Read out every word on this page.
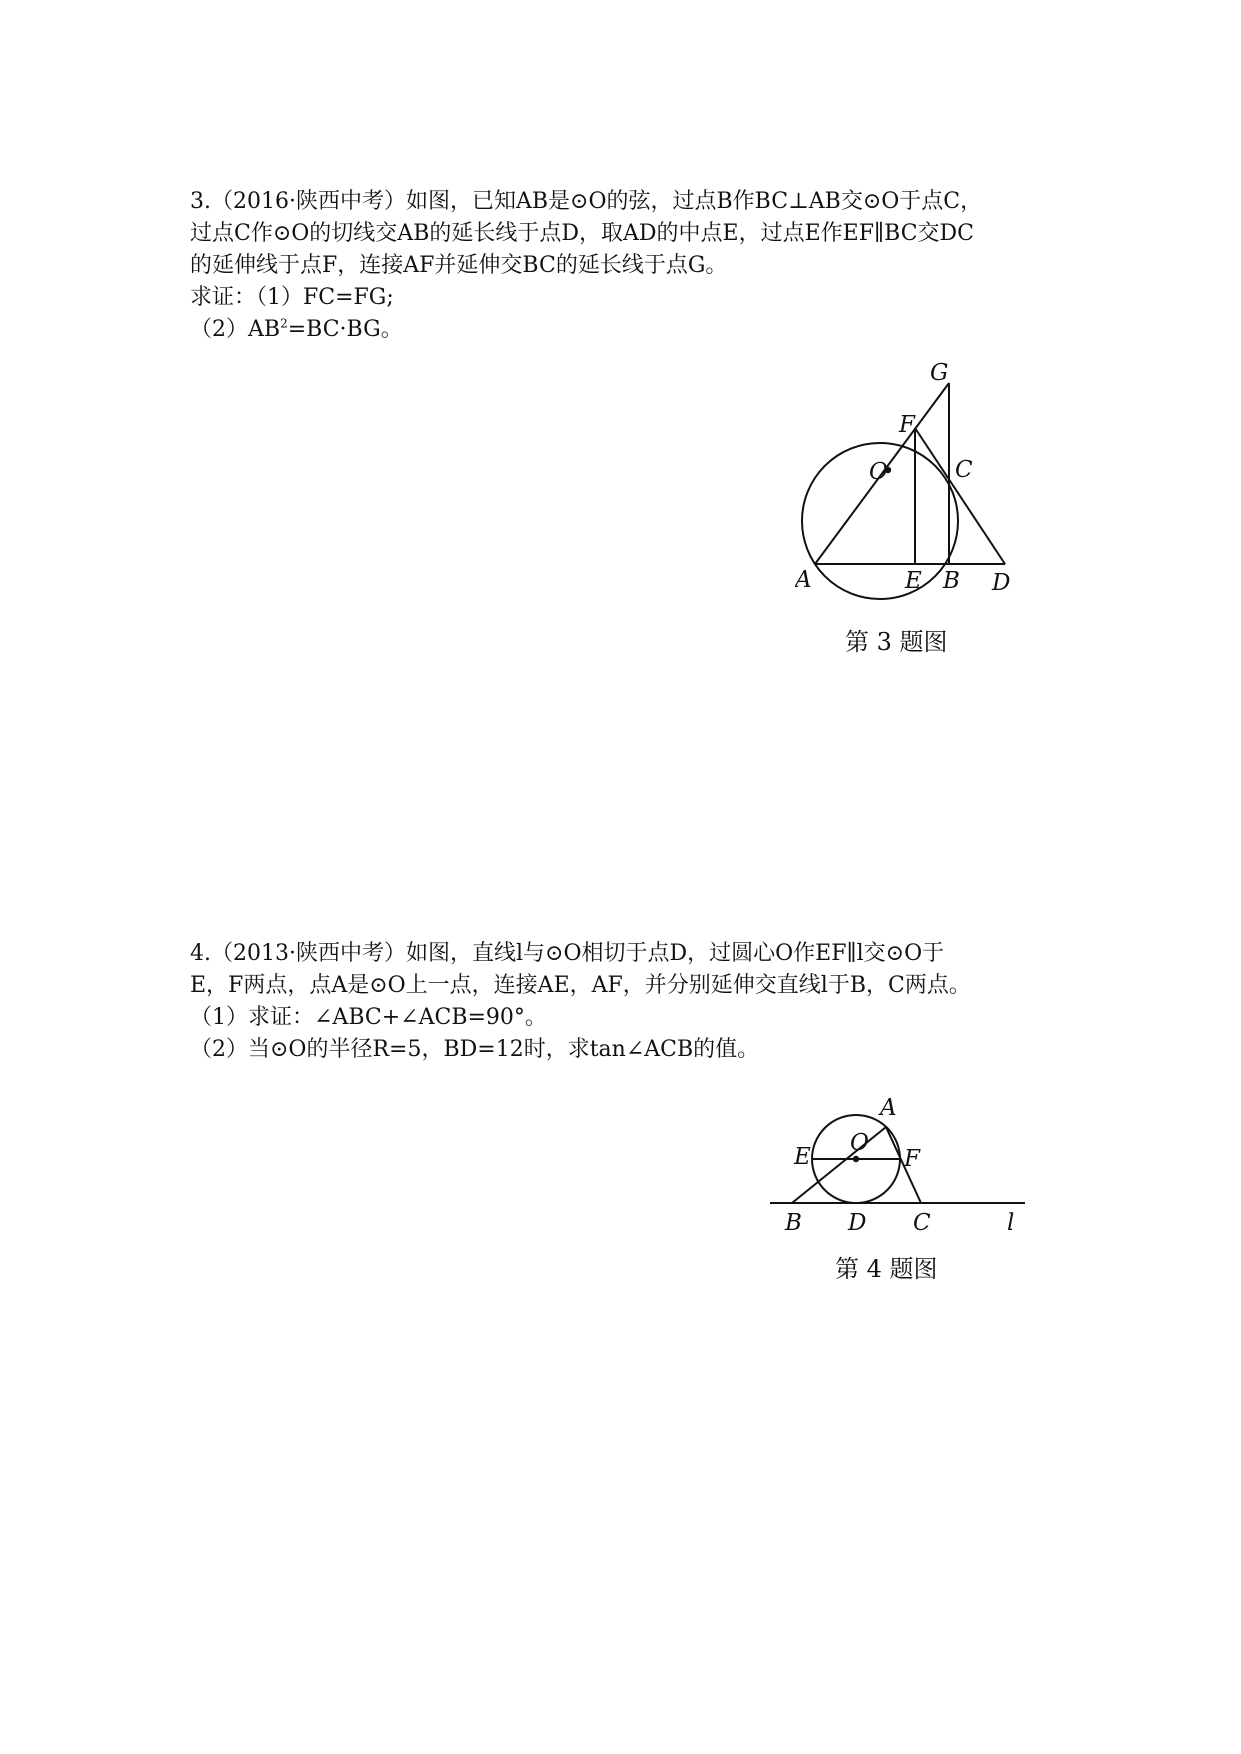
3.（2016·陕西中考）如图，已知AB是⊙O的弦，过点B作BC⊥AB交⊙O于点C，

过点C作⊙O的切线交AB的延长线于点D，取AD的中点E，过点E作EF∥BC交DC

的延伸线于点F，连接AF并延伸交BC的延长线于点G。

求证：（1）FC=FG;

$(2)AB^2=BC\cdot BG$。

G
F
C
O
A	E B D
第 3 题图

4.（2013·陕西中考）如图，直线l与⊙O相切于点D，过圆心O作EF∥l交⊙O于

E，F两点，点A是⊙O上一点，连接AE，AF，并分别延伸交直线l于B，C两点。

（1）求证：∠ABC+∠ACB=90°。

（2）当⊙O的半径R=5，BD=12时，求tan∠ACB的值。

A
O
E	F
B D C	l
第 4 题图
